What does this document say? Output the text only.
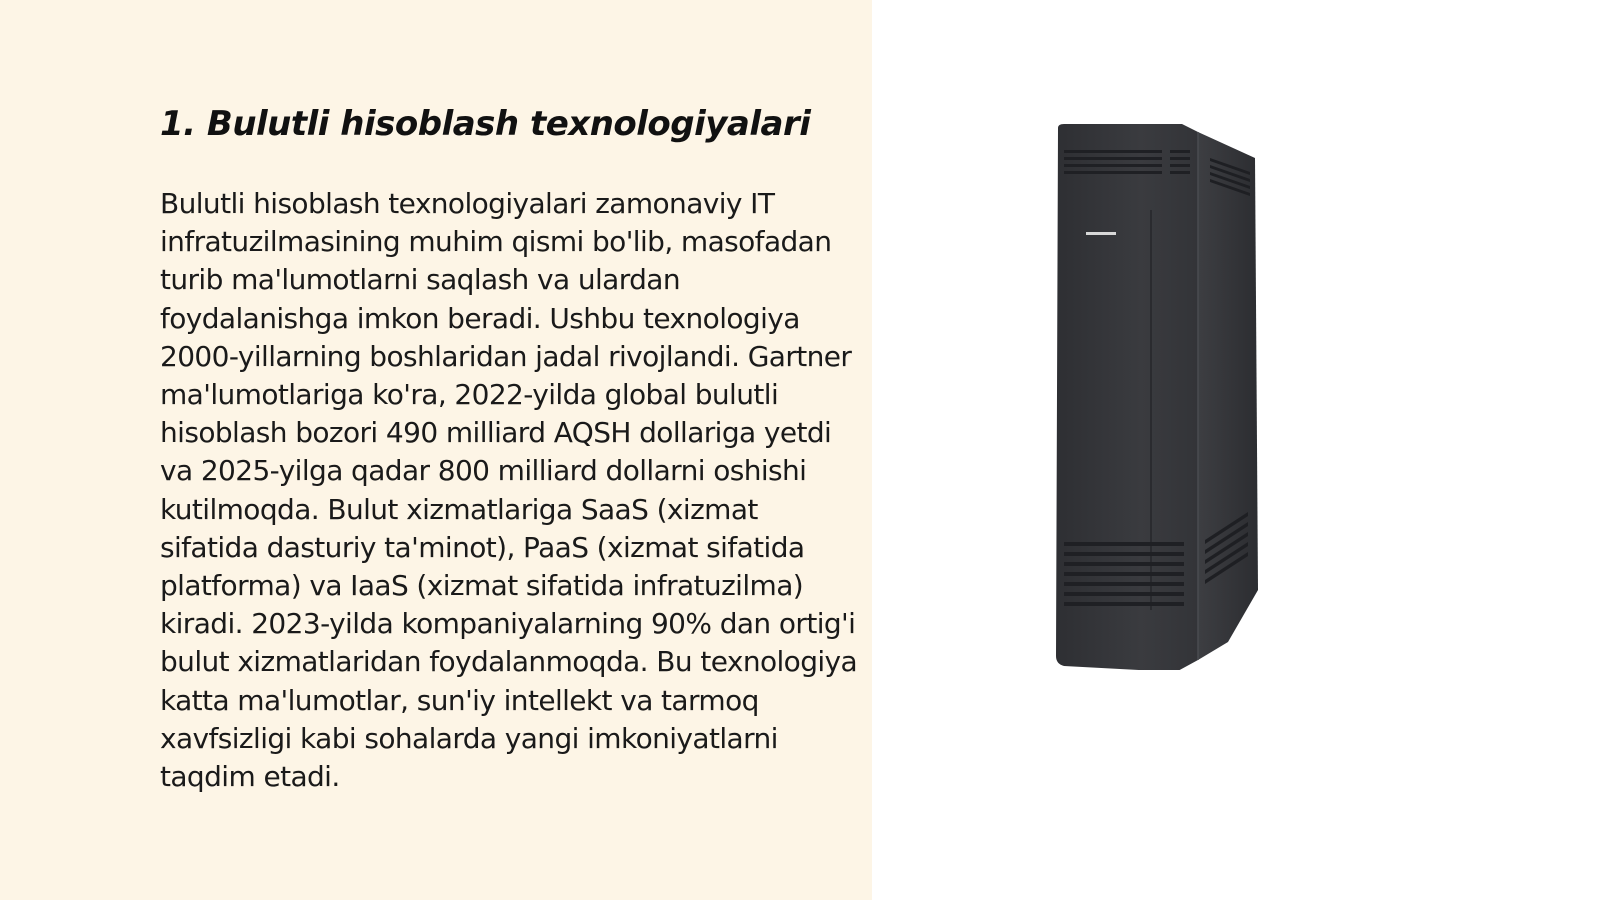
1. Bulutli hisoblash texnologiyalari

Bulutli hisoblash texnologiyalari zamonaviy IT infratuzilmasining muhim qismi bo'lib, masofadan turib ma'lumotlarni saqlash va ulardan foydalanishga imkon beradi. Ushbu texnologiya 2000-yillarning boshlaridan jadal rivojlandi. Gartner ma'lumotlariga ko'ra, 2022-yilda global bulutli hisoblash bozori 490 milliard AQSH dollariga yetdi va 2025-yilga qadar 800 milliard dollarni oshishi kutilmoqda. Bulut xizmatlariga SaaS (xizmat sifatida dasturiy ta'minot), PaaS (xizmat sifatida platforma) va IaaS (xizmat sifatida infratuzilma) kiradi. 2023-yilda kompaniyalarning 90% dan ortig'i bulut xizmatlaridan foydalanmoqda. Bu texnologiya katta ma'lumotlar, sun'iy intellekt va tarmoq xavfsizligi kabi sohalarda yangi imkoniyatlarni taqdim etadi.
